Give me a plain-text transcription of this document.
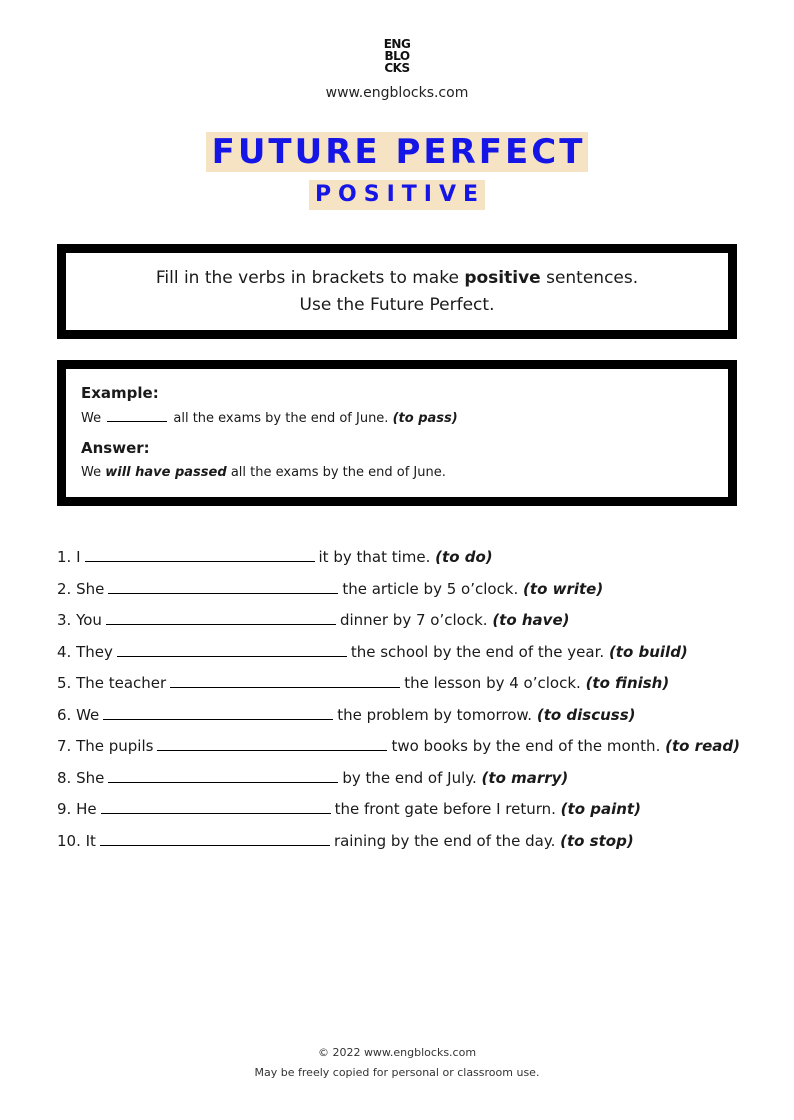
ENG
BLO
CKS
www.engblocks.com
FUTURE PERFECT
POSITIVE
Fill in the verbs in brackets to make positive sentences.
Use the Future Perfect.
Example:
We	all the exams by the end of June. (to pass)
Answer:
We will have passed all the exams by the end of June.
1. I	it by that time. (to do)
2. She	the article by 5 o’clock. (to write)
3. You	dinner by 7 o’clock. (to have)
4. They	the school by the end of the year. (to build)
5. The teacher	the lesson by 4 o’clock. (to finish)
6. We	the problem by tomorrow. (to discuss)
7. The pupils	two books by the end of the month. (to read)
8. She	by the end of July. (to marry)
9. He	the front gate before I return. (to paint)
10. It	raining by the end of the day. (to stop)
© 2022 www.engblocks.com
May be freely copied for personal or classroom use.
